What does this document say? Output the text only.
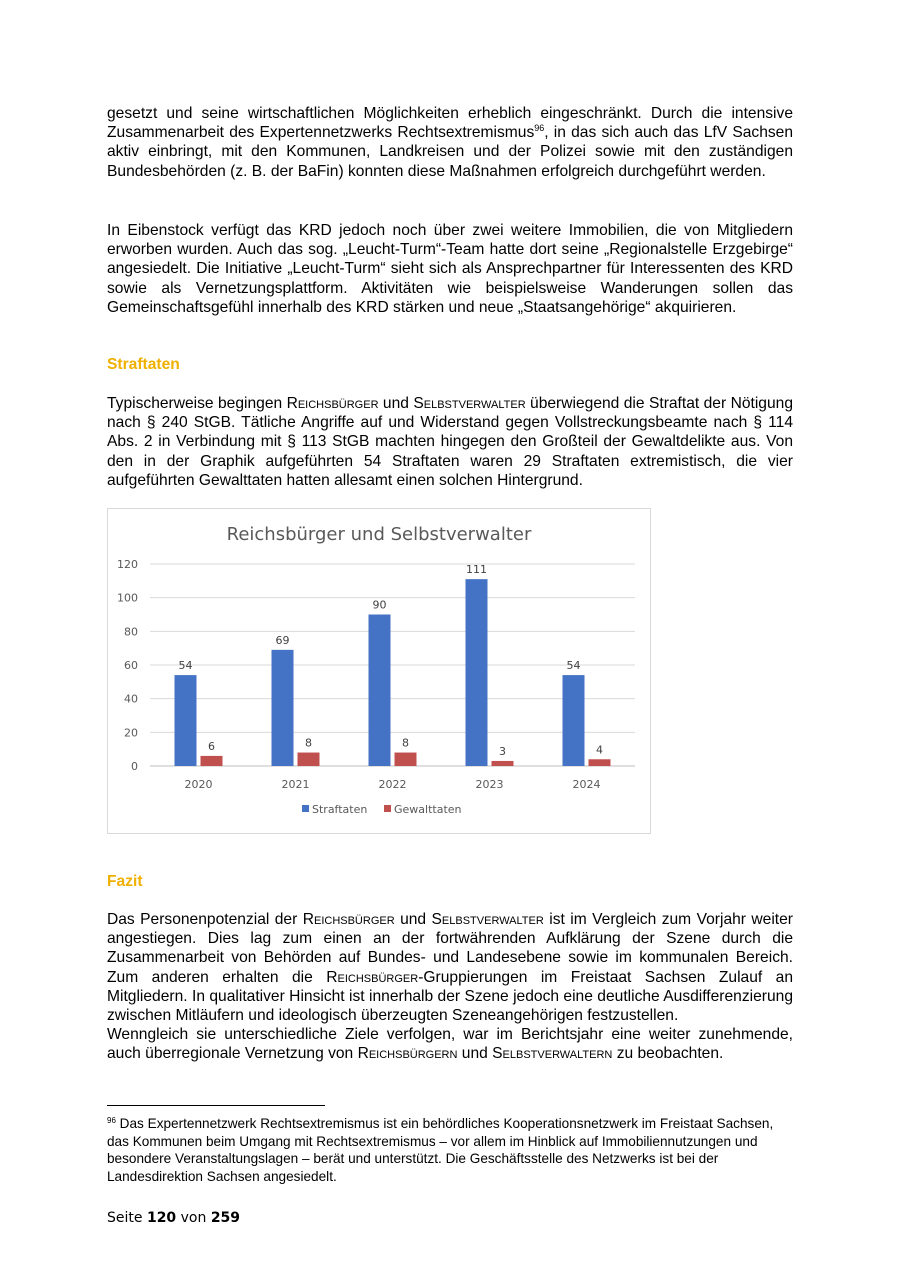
gesetzt und seine wirtschaftlichen Möglichkeiten erheblich eingeschränkt. Durch die intensive Zusammenarbeit des Expertennetzwerks Rechtsextremismus$^{96}$, in das sich auch das LfV Sachsen aktiv einbringt, mit den Kommunen, Landkreisen und der Polizei sowie mit den zuständigen Bundesbehörden (z. B. der BaFin) konnten diese Maßnahmen erfolgreich durchgeführt werden.

In Eibenstock verfügt das KRD jedoch noch über zwei weitere Immobilien, die von Mitgliedern erworben wurden. Auch das sog. „Leucht-Turm“-Team hatte dort seine „Regionalstelle Erzgebirge“ angesiedelt. Die Initiative „Leucht-Turm“ sieht sich als Ansprechpartner für Interessenten des KRD sowie als Vernetzungsplattform. Aktivitäten wie beispielsweise Wanderungen sollen das Gemeinschaftsgefühl innerhalb des KRD stärken und neue „Staatsangehörige“ akquirieren.

Straftaten

Typischerweise begingen Reichsbürger und Selbstverwalter überwiegend die Straftat der Nötigung nach § 240 StGB. Tätliche Angriffe auf und Widerstand gegen Vollstreckungsbeamte nach § 114 Abs. 2 in Verbindung mit § 113 StGB machten hingegen den Großteil der Gewaltdelikte aus. Von den in der Graphik aufgeführten 54 Straftaten waren 29 Straftaten extremistisch, die vier aufgeführten Gewalttaten hatten allesamt einen solchen Hintergrund.

Fazit

Das Personenpotenzial der Reichsbürger und Selbstverwalter ist im Vergleich zum Vorjahr weiter angestiegen. Dies lag zum einen an der fortwährenden Aufklärung der Szene durch die Zusammenarbeit von Behörden auf Bundes- und Landesebene sowie im kommunalen Bereich. Zum anderen erhalten die Reichsbürger-Gruppierungen im Freistaat Sachsen Zulauf an Mitgliedern. In qualitativer Hinsicht ist innerhalb der Szene jedoch eine deutliche Ausdifferenzierung zwischen Mitläufern und ideologisch überzeugten Szeneangehörigen festzustellen.
Wenngleich sie unterschiedliche Ziele verfolgen, war im Berichtsjahr eine weiter zunehmende, auch überregionale Vernetzung von Reichsbürgern und Selbstverwaltern zu beobachten.

Reichsbürger und Selbstverwalter
0
20
40
60
80
100
120
54
6
69
8
90
8
111
3
54
4
2020	2021	2022	2023	2024
Straftaten Gewalttaten

$^{96}$ Das Expertennetzwerk Rechtsextremismus ist ein behördliches Kooperationsnetzwerk im Freistaat Sachsen, das Kommunen beim Umgang mit Rechtsextremismus – vor allem im Hinblick auf Immobiliennutzungen und besondere Veranstaltungslagen – berät und unterstützt. Die Geschäftsstelle des Netzwerks ist bei der Landesdirektion Sachsen angesiedelt.

Seite 120 von 259
